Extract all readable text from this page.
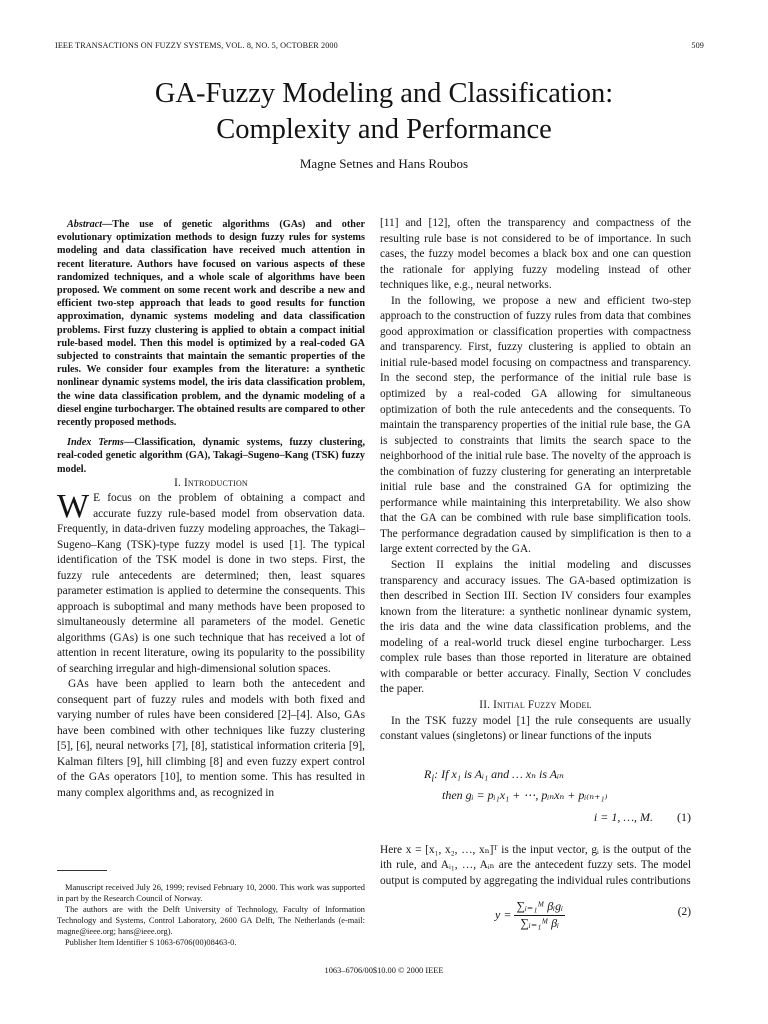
IEEE TRANSACTIONS ON FUZZY SYSTEMS, VOL. 8, NO. 5, OCTOBER 2000	509
GA-Fuzzy Modeling and Classification:
Complexity and Performance
Magne Setnes and Hans Roubos

Abstract—The use of genetic algorithms (GAs) and other evolutionary optimization methods to design fuzzy rules for systems modeling and data classification have received much attention in recent literature. Authors have focused on various aspects of these randomized techniques, and a whole scale of algorithms have been proposed. We comment on some recent work and describe a new and efficient two-step approach that leads to good results for function approximation, dynamic systems modeling and data classification problems. First fuzzy clustering is applied to obtain a compact initial rule-based model. Then this model is optimized by a real-coded GA subjected to constraints that maintain the semantic properties of the rules. We consider four examples from the literature: a synthetic nonlinear dynamic systems model, the iris data classification problem, the wine data classification problem, and the dynamic modeling of a diesel engine turbocharger. The obtained results are compared to other recently proposed methods.

Index Terms—Classification, dynamic systems, fuzzy clustering, real-coded genetic algorithm (GA), Takagi–Sugeno–Kang (TSK) fuzzy model.

I. Introduction

W E focus on the problem of obtaining a compact and accurate fuzzy rule-based model from observation data. Frequently, in data-driven fuzzy modeling approaches, the Takagi–Sugeno–Kang (TSK)-type fuzzy model is used [1]. The typical identification of the TSK model is done in two steps. First, the fuzzy rule antecedents are determined; then, least squares parameter estimation is applied to determine the consequents. This approach is suboptimal and many methods have been proposed to simultaneously determine all parameters of the model. Genetic algorithms (GAs) is one such technique that has received a lot of attention in recent literature, owing its popularity to the possibility of searching irregular and high-dimensional solution spaces.

GAs have been applied to learn both the antecedent and consequent part of fuzzy rules and models with both fixed and varying number of rules have been considered [2]–[4]. Also, GAs have been combined with other techniques like fuzzy clustering [5], [6], neural networks [7], [8], statistical information criteria [9], Kalman filters [9], hill climbing [8] and even fuzzy expert control of the GAs operators [10], to mention some. This has resulted in many complex algorithms and, as recognized in

Manuscript received July 26, 1999; revised February 10, 2000. This work was supported in part by the Research Council of Norway.

The authors are with the Delft University of Technology, Faculty of Information Technology and Systems, Control Laboratory, 2600 GA Delft, The Netherlands (e-mail: magne@ieee.org; hans@ieee.org).

Publisher Item Identifier S 1063-6706(00)08463-0.

[11] and [12], often the transparency and compactness of the resulting rule base is not considered to be of importance. In such cases, the fuzzy model becomes a black box and one can question the rationale for applying fuzzy modeling instead of other techniques like, e.g., neural networks.

In the following, we propose a new and efficient two-step approach to the construction of fuzzy rules from data that combines good approximation or classification properties with compactness and transparency. First, fuzzy clustering is applied to obtain an initial rule-based model focusing on compactness and transparency. In the second step, the performance of the initial rule base is optimized by a real-coded GA allowing for simultaneous optimization of both the rule antecedents and the consequents. To maintain the transparency properties of the initial rule base, the GA is subjected to constraints that limits the search space to the neighborhood of the initial rule base. The novelty of the approach is the combination of fuzzy clustering for generating an interpretable initial rule base and the constrained GA for optimizing the performance while maintaining this interpretability. We also show that the GA can be combined with rule base simplification tools. The performance degradation caused by simplification is then to a large extent corrected by the GA.

Section II explains the initial modeling and discusses transparency and accuracy issues. The GA-based optimization is then described in Section III. Section IV considers four examples known from the literature: a synthetic nonlinear dynamic system, the iris data and the wine data classification problems, and the modeling of a real-world truck diesel engine turbocharger. Less complex rule bases than those reported in literature are obtained with comparable or better accuracy. Finally, Section V concludes the paper.

II. Initial Fuzzy Model

In the TSK fuzzy model [1] the rule consequents are usually constant values (singletons) or linear functions of the inputs

$R_i$: If x₁ is Aᵢ₁ and … xₙ is Aᵢₙ
then gᵢ = pᵢ₁x₁ + ⋯, pᵢₙxₙ + pᵢ₍ₙ₊₁₎
i = 1, …, M. (1)

Here x = [x₁, x₂, …, xₙ]ᵀ is the input vector, gᵢ is the output of the ith rule, and Aᵢ₁, …, Aᵢₙ are the antecedent fuzzy sets. The model output is computed by aggregating the individual rules contributions

$y = \frac{\text{∑ᵢ₌₁ᴹ βᵢgᵢ}}{\text{∑ᵢ₌₁ᴹ βᵢ}}$	(2)
1063–6706/00$10.00 © 2000 IEEE
